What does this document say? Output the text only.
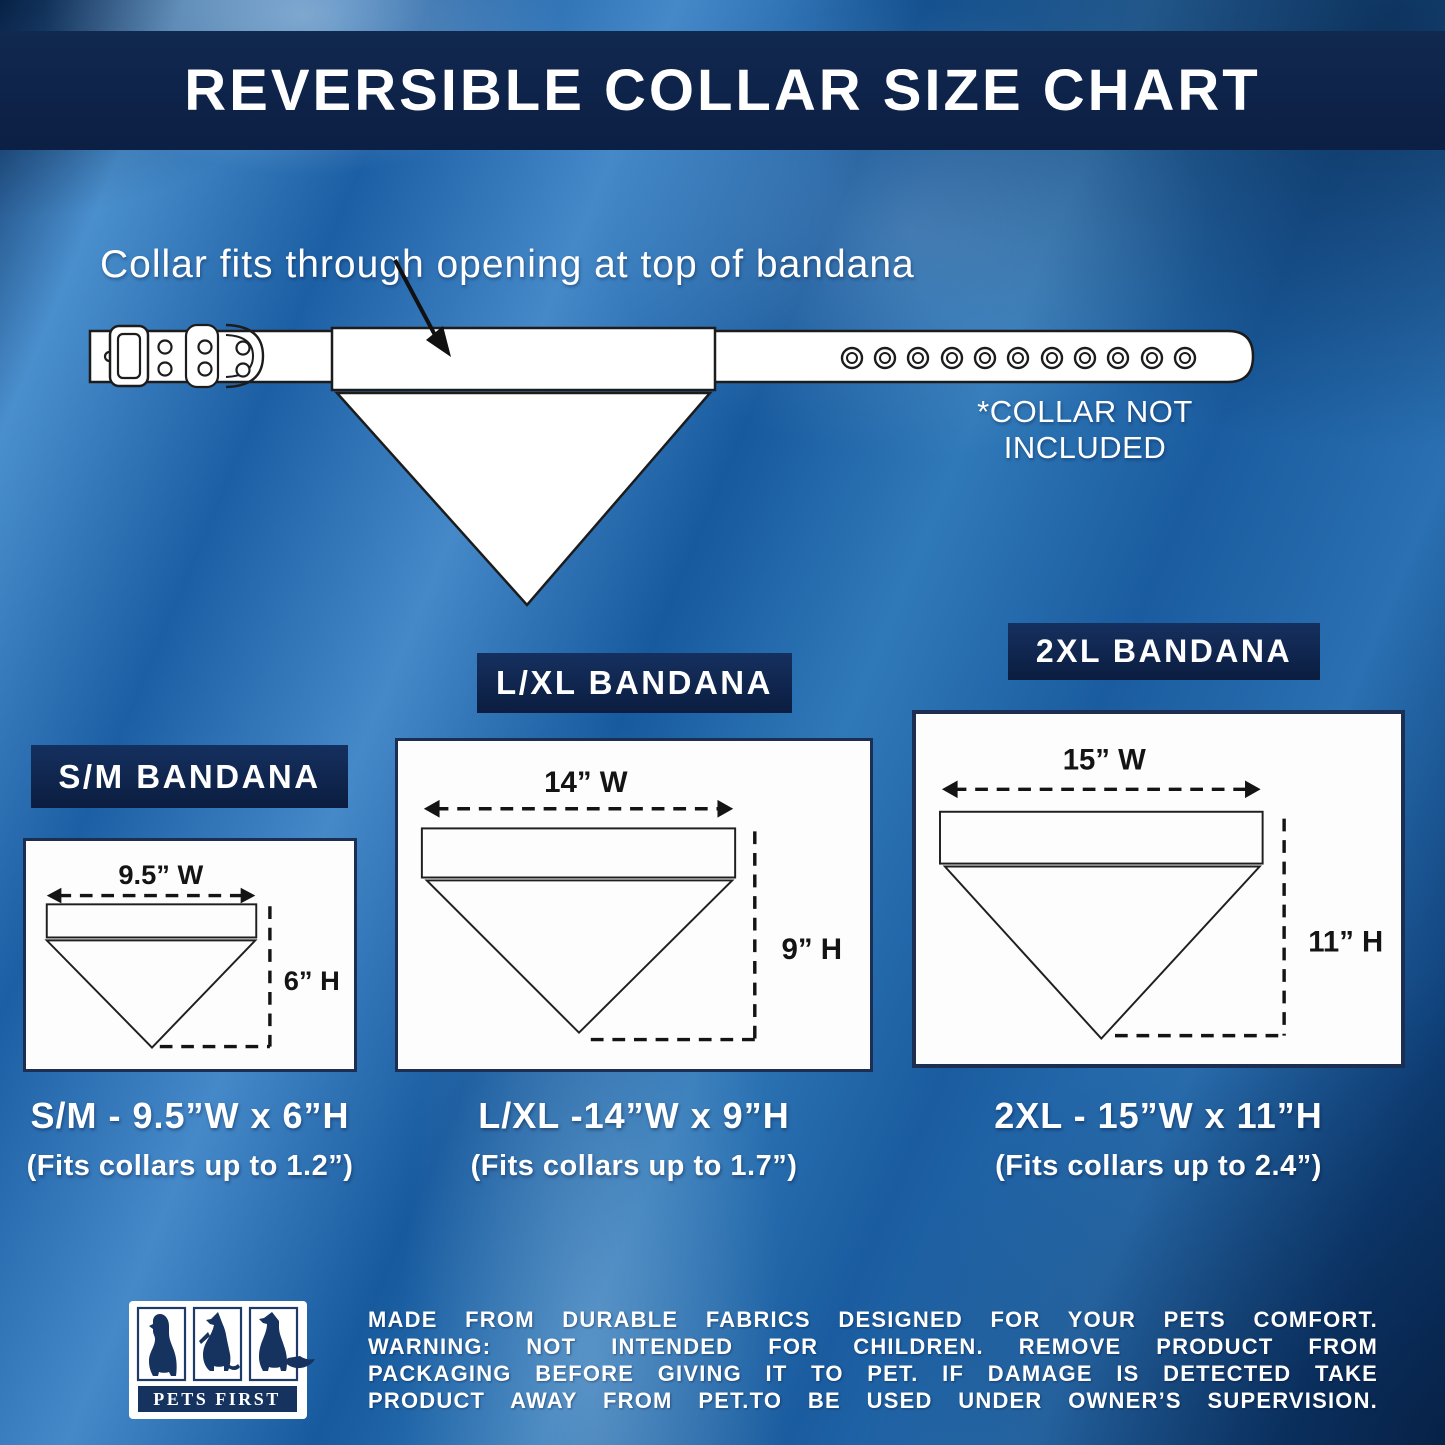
REVERSIBLE COLLAR SIZE CHART
Collar fits through opening at top of bandana
*COLLAR NOT INCLUDED
S/M BANDANA
L/XL BANDANA
2XL BANDANA
9.5” W
6” H
14” W
9” H
15” W
11” H
S/M - 9.5”W x 6”H
(Fits collars up to 1.2”)
L/XL -14”W x 9”H
(Fits collars up to 1.7”)
2XL - 15”W x 11”H
(Fits collars up to 2.4”)
PETS FIRST
MADE FROM DURABLE FABRICS DESIGNED FOR YOUR PETS COMFORT.
WARNING: NOT INTENDED FOR CHILDREN. REMOVE PRODUCT FROM
PACKAGING BEFORE GIVING IT TO PET. IF DAMAGE IS DETECTED TAKE
PRODUCT AWAY FROM PET.TO BE USED UNDER OWNER’S SUPERVISION.
